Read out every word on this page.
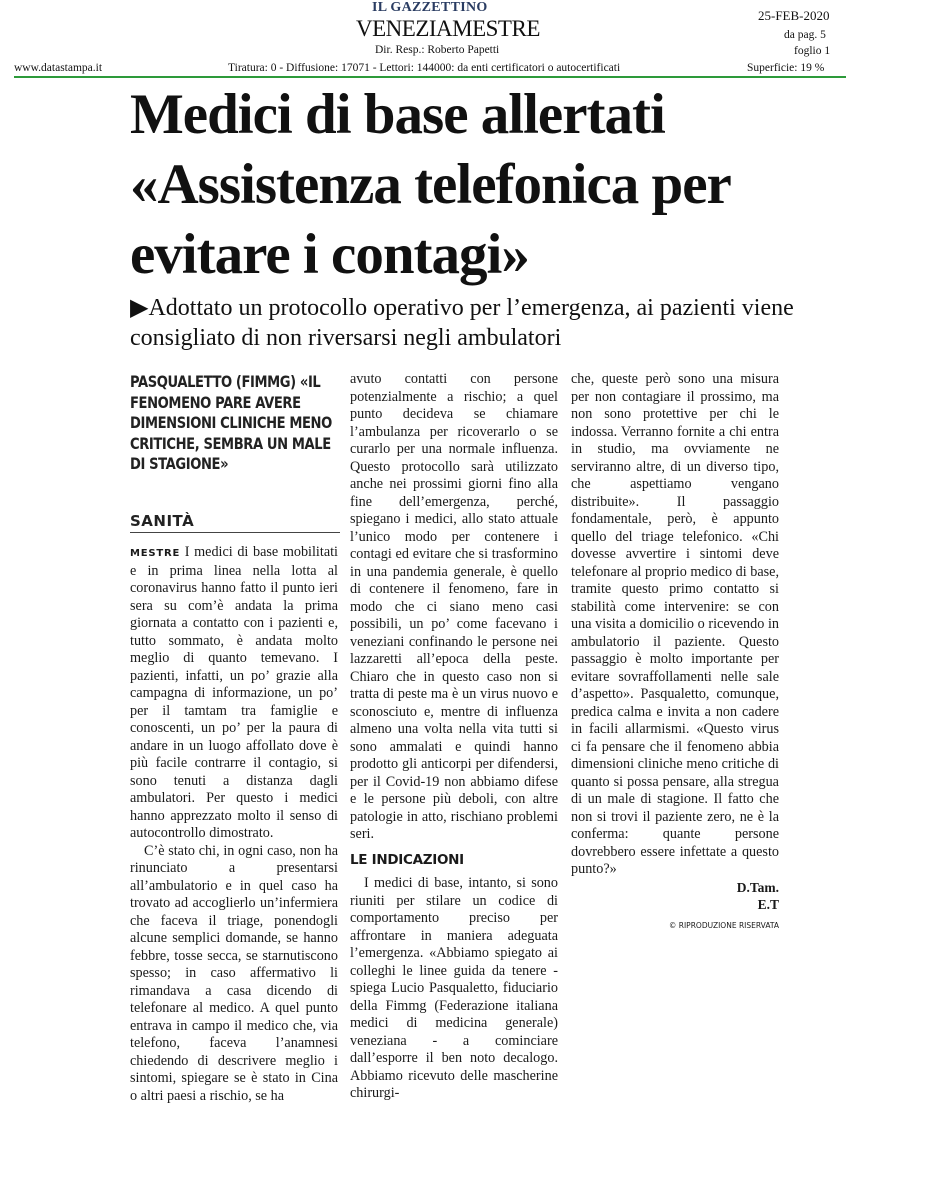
IL GAZZETTINO
VENEZIAMESTRE
Dir. Resp.: Roberto Papetti
25-FEB-2020
da pag. 5
foglio 1
www.datastampa.it	Tiratura: 0 - Diffusione: 17071 - Lettori: 144000: da enti certificatori o autocertificati	Superficie: 19 %
Medici di base allertati «Assistenza telefonica per evitare i contagi»

▶Adottato un protocollo operativo per l’emergenza, ai pazienti viene consigliato di non riversarsi negli ambulatori

PASQUALETTO (FIMMG) «IL FENOMENO PARE AVERE DIMENSIONI CLINICHE MENO CRITICHE, SEMBRA UN MALE DI STAGIONE»
SANITÀ

MESTRE I medici di base mobilitati e in prima linea nella lotta al coronavirus hanno fatto il punto ieri sera su com’è andata la prima giornata a contatto con i pazienti e, tutto sommato, è andata molto meglio di quanto temevano. I pazienti, infatti, un po’ grazie alla campagna di informazione, un po’ per il tamtam tra famiglie e conoscenti, un po’ per la paura di andare in un luogo affollato dove è più facile contrarre il contagio, si sono tenuti a distanza dagli ambulatori. Per questo i medici hanno apprezzato molto il senso di autocontrollo dimostrato.

C’è stato chi, in ogni caso, non ha rinunciato a presentarsi all’ambulatorio e in quel caso ha trovato ad accoglierlo un’infermiera che faceva il triage, ponendogli alcune semplici domande, se hanno febbre, tosse secca, se starnutiscono spesso; in caso affermativo li rimandava a casa dicendo di telefonare al medico. A quel punto entrava in campo il medico che, via telefono, faceva l’anamnesi chiedendo di descrivere meglio i sintomi, spiegare se è stato in Cina o altri paesi a rischio, se ha

avuto contatti con persone potenzialmente a rischio; a quel punto decideva se chiamare l’ambulanza per ricoverarlo o se curarlo per una normale influenza. Questo protocollo sarà utilizzato anche nei prossimi giorni fino alla fine dell’emergenza, perché, spiegano i medici, allo stato attuale l’unico modo per contenere i contagi ed evitare che si trasformino in una pandemia generale, è quello di contenere il fenomeno, fare in modo che ci siano meno casi possibili, un po’ come facevano i veneziani confinando le persone nei lazzaretti all’epoca della peste. Chiaro che in questo caso non si tratta di peste ma è un virus nuovo e sconosciuto e, mentre di influenza almeno una volta nella vita tutti si sono ammalati e quindi hanno prodotto gli anticorpi per difendersi, per il Covid-19 non abbiamo difese e le persone più deboli, con altre patologie in atto, rischiano problemi seri.

LE INDICAZIONI

I medici di base, intanto, si sono riuniti per stilare un codice di comportamento preciso per affrontare in maniera adeguata l’emergenza. «Abbiamo spiegato ai colleghi le linee guida da tenere - spiega Lucio Pasqualetto, fiduciario della Fimmg (Federazione italiana medici di medicina generale) veneziana - a cominciare dall’esporre il ben noto decalogo. Abbiamo ricevuto delle mascherine chirurgi-

che, queste però sono una misura per non contagiare il prossimo, ma non sono protettive per chi le indossa. Verranno fornite a chi entra in studio, ma ovviamente ne serviranno altre, di un diverso tipo, che aspettiamo vengano distribuite». Il passaggio fondamentale, però, è appunto quello del triage telefonico. «Chi dovesse avvertire i sintomi deve telefonare al proprio medico di base, tramite questo primo contatto si stabilità come intervenire: se con una visita a domicilio o ricevendo in ambulatorio il paziente. Questo passaggio è molto importante per evitare sovraffollamenti nelle sale d’aspetto». Pasqualetto, comunque, predica calma e invita a non cadere in facili allarmismi. «Questo virus ci fa pensare che il fenomeno abbia dimensioni cliniche meno critiche di quanto si possa pensare, alla stregua di un male di stagione. Il fatto che non si trovi il paziente zero, ne è la conferma: quante persone dovrebbero essere infettate a questo punto?»

D.Tam.
E.T
© RIPRODUZIONE RISERVATA
